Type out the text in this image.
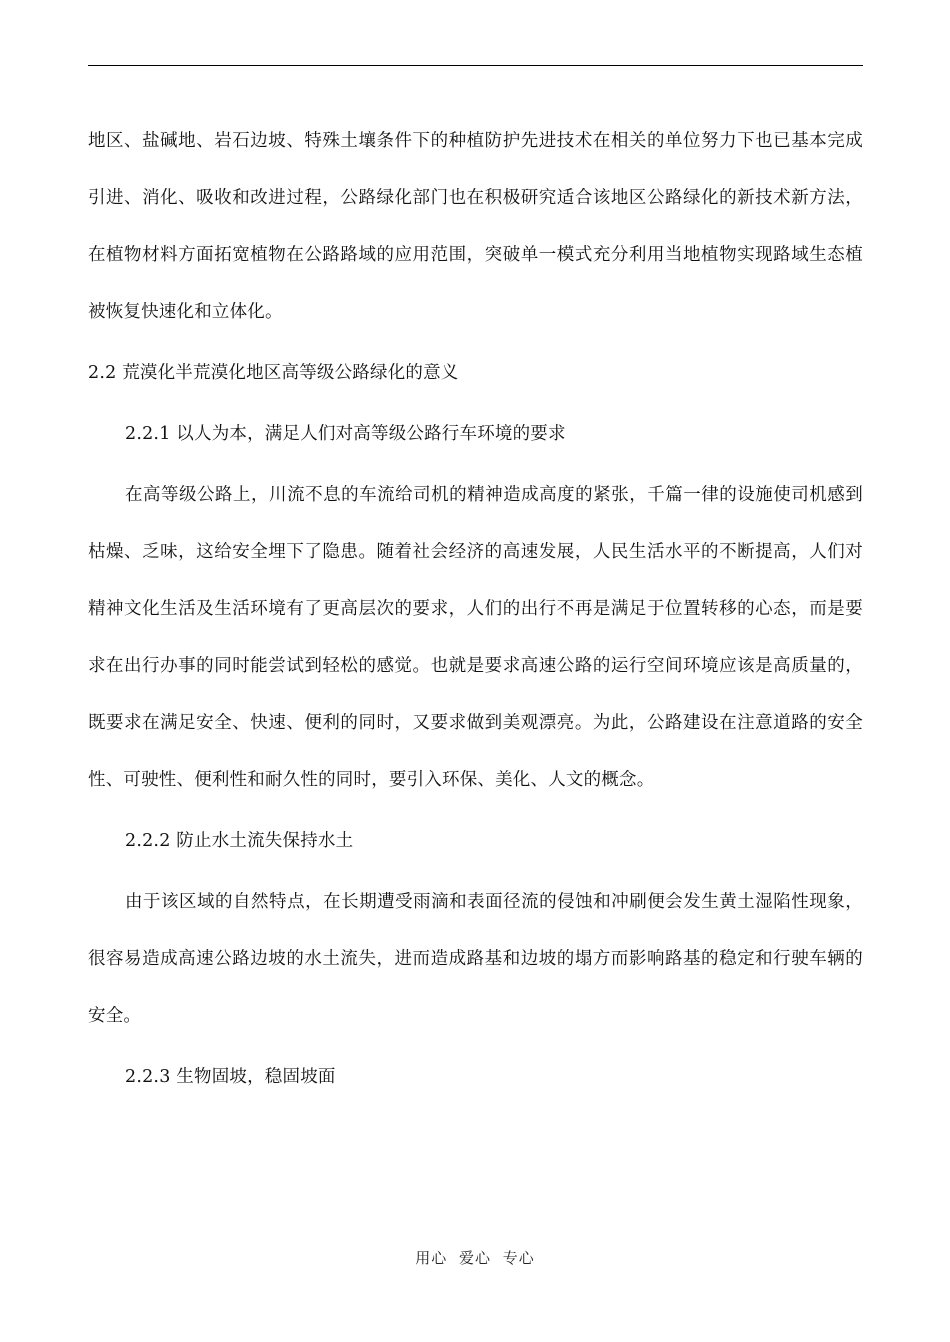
地区、盐碱地、岩石边坡、特殊土壤条件下的种植防护先进技术在相关的单位努力下也已基本完成引进、消化、吸收和改进过程，公路绿化部门也在积极研究适合该地区公路绿化的新技术新方法，在植物材料方面拓宽植物在公路路域的应用范围，突破单一模式充分利用当地植物实现路域生态植被恢复快速化和立体化。

2.2 荒漠化半荒漠化地区高等级公路绿化的意义
2.2.1 以人为本，满足人们对高等级公路行车环境的要求

在高等级公路上，川流不息的车流给司机的精神造成高度的紧张，千篇一律的设施使司机感到枯燥、乏味，这给安全埋下了隐患。随着社会经济的高速发展，人民生活水平的不断提高，人们对精神文化生活及生活环境有了更高层次的要求，人们的出行不再是满足于位置转移的心态，而是要求在出行办事的同时能尝试到轻松的感觉。也就是要求高速公路的运行空间环境应该是高质量的，既要求在满足安全、快速、便利的同时，又要求做到美观漂亮。为此，公路建设在注意道路的安全性、可驶性、便利性和耐久性的同时，要引入环保、美化、人文的概念。

2.2.2 防止水土流失保持水土

由于该区域的自然特点，在长期遭受雨滴和表面径流的侵蚀和冲刷便会发生黄土湿陷性现象，很容易造成高速公路边坡的水土流失，进而造成路基和边坡的塌方而影响路基的稳定和行驶车辆的安全。

2.2.3 生物固坡，稳固坡面
用心 爱心 专心
